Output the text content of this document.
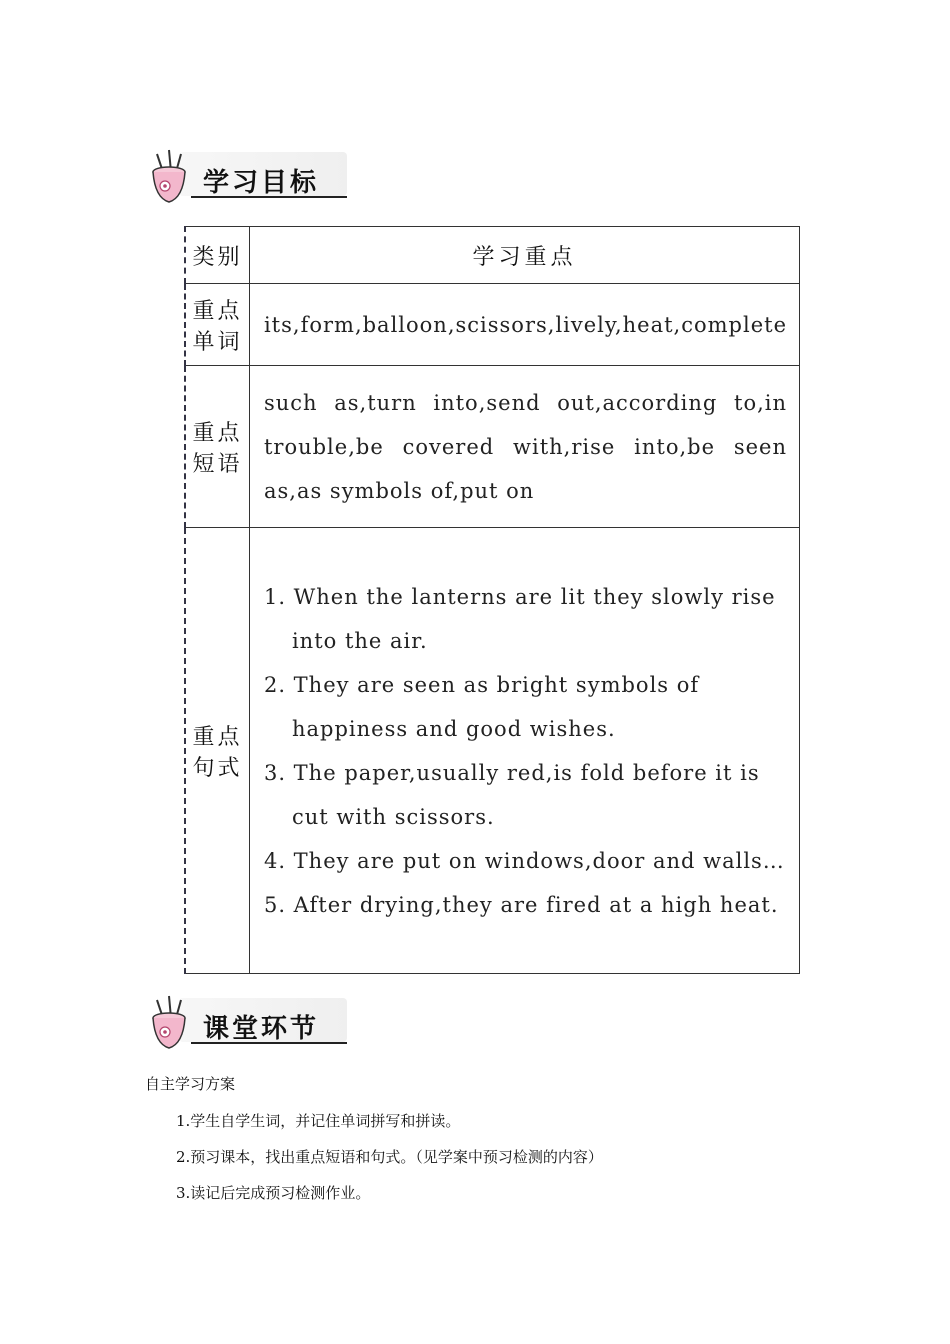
学习目标
类别	学习重点
重点单词	its,form,balloon,scissors,lively,heat,complete

重点短语	such as,turn into,send out,according to,in trouble,be covered with,rise into,be seen as,as symbols of,put on

重点句式	1. When the lanterns are lit they slowly rise into the air.
2. They are seen as bright symbols of happiness and good wishes.
3. The paper,usually red,is fold before it is cut with scissors.
4. They are put on windows,door and walls…
5. After drying,they are fired at a high heat.
课堂环节
自主学习方案
1.学生自学生词，并记住单词拼写和拼读。
2.预习课本，找出重点短语和句式。（见学案中预习检测的内容）
3.读记后完成预习检测作业。
